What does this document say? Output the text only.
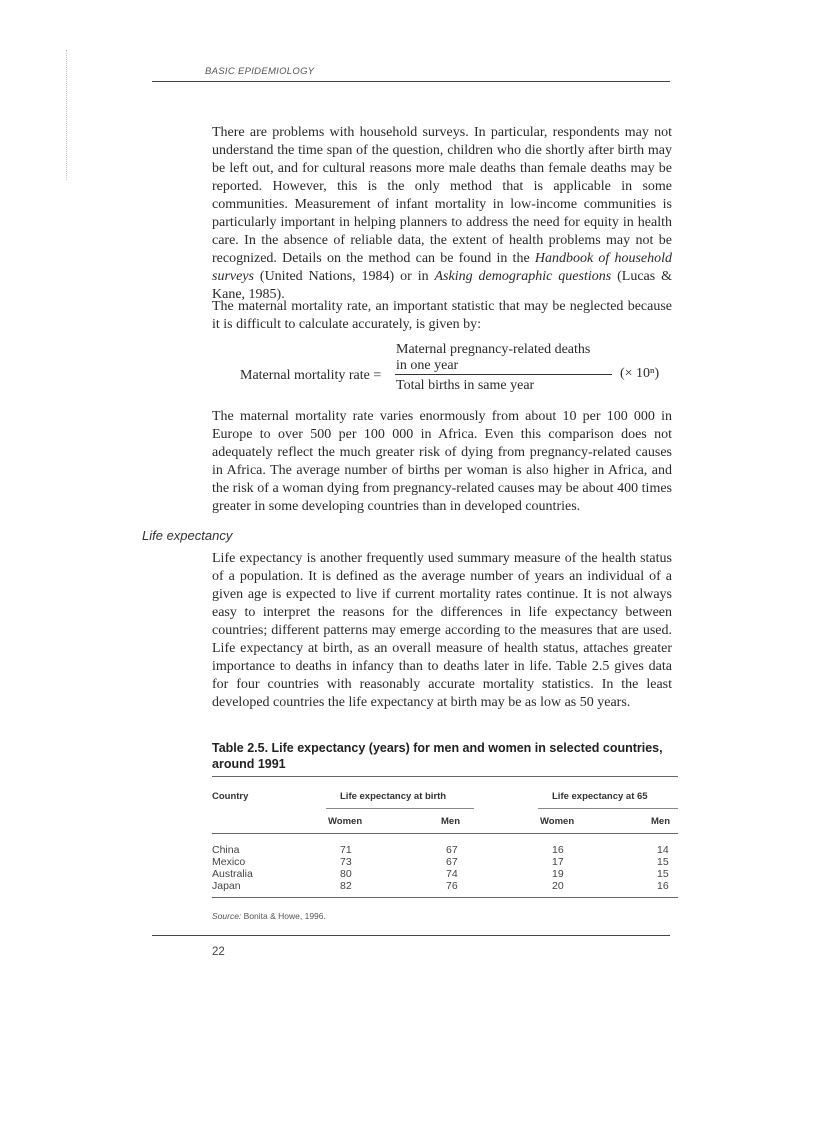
BASIC EPIDEMIOLOGY

There are problems with household surveys. In particular, respondents may not understand the time span of the question, children who die shortly after birth may be left out, and for cultural reasons more male deaths than female deaths may be reported. However, this is the only method that is applicable in some communities. Measurement of infant mortality in low-income communities is particularly important in helping planners to address the need for equity in health care. In the absence of reliable data, the extent of health problems may not be recognized. Details on the method can be found in the Handbook of household surveys (United Nations, 1984) or in Asking demographic questions (Lucas & Kane, 1985).

The maternal mortality rate, an important statistic that may be neglected because it is difficult to calculate accurately, is given by:

Maternal mortality rate =
Maternal pregnancy-related deaths
in one year
Total births in same year
(× 10ⁿ)

The maternal mortality rate varies enormously from about 10 per 100 000 in Europe to over 500 per 100 000 in Africa. Even this comparison does not adequately reflect the much greater risk of dying from pregnancy-related causes in Africa. The average number of births per woman is also higher in Africa, and the risk of a woman dying from pregnancy-related causes may be about 400 times greater in some developing countries than in developed countries.

Life expectancy

Life expectancy is another frequently used summary measure of the health status of a population. It is defined as the average number of years an individual of a given age is expected to live if current mortality rates continue. It is not always easy to interpret the reasons for the differences in life expectancy between countries; different patterns may emerge according to the measures that are used. Life expectancy at birth, as an overall measure of health status, attaches greater importance to deaths in infancy than to deaths later in life. Table 2.5 gives data for four countries with reasonably accurate mortality statistics. In the least developed countries the life expectancy at birth may be as low as 50 years.

Table 2.5. Life expectancy (years) for men and women in selected countries, around 1991
Country	Life expectancy at birth	Life expectancy at 65
Women	Men	Women	Men
China	71	67	16	14
Mexico	73	67	17	15
Australia	80	74	19	15
Japan	82	76	20	16
Source: Bonita & Howe, 1996.
22
